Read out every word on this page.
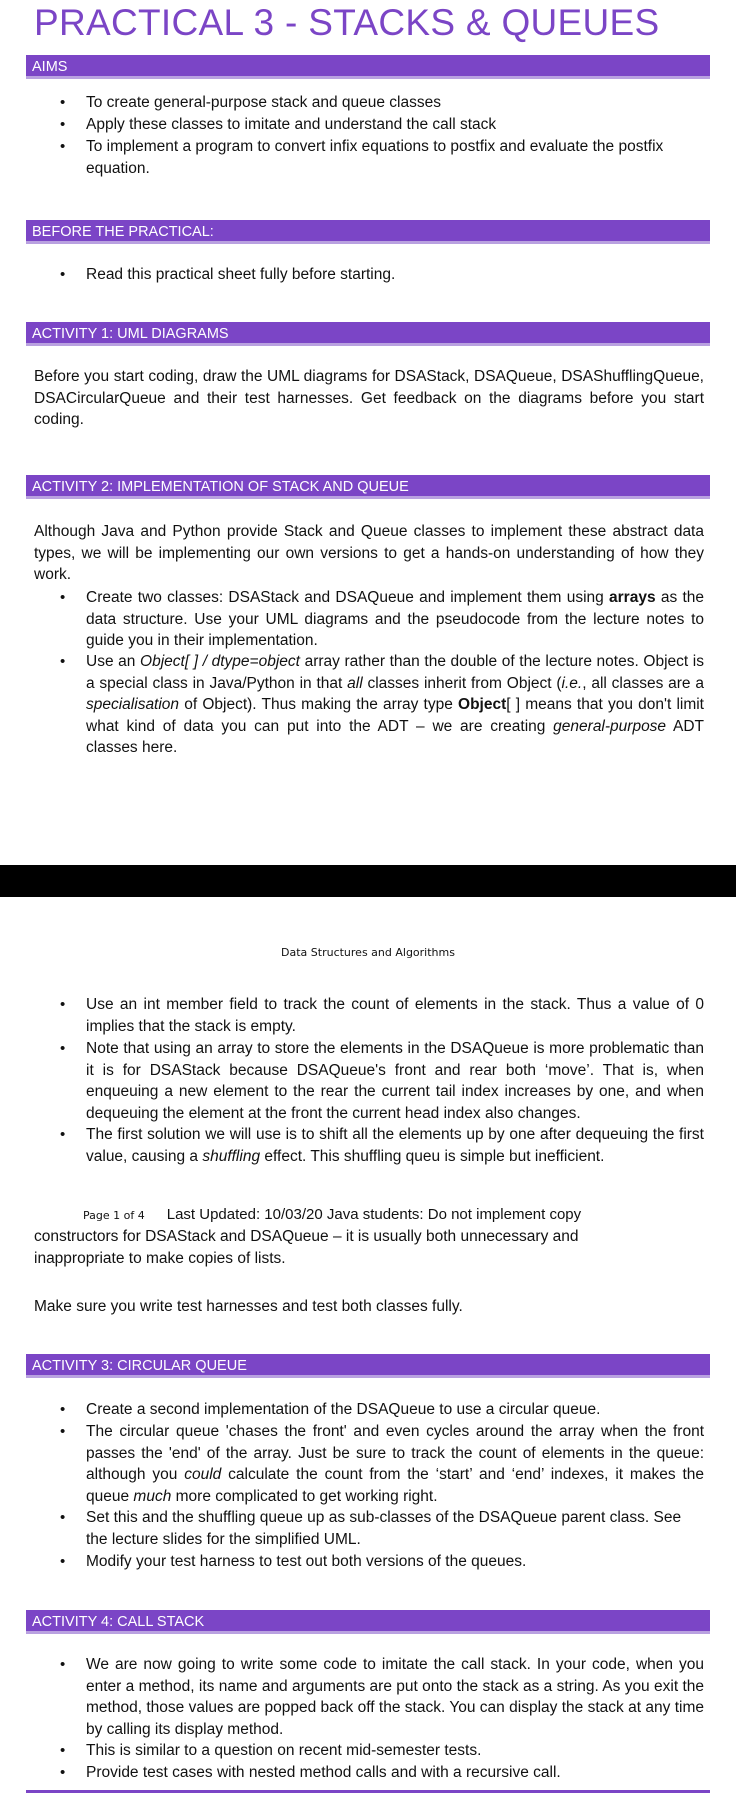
PRACTICAL 3 - STACKS & QUEUES
AIMS
• To create general-purpose stack and queue classes
• Apply these classes to imitate and understand the call stack
• To implement a program to convert infix equations to postfix and evaluate the postfix equation.
BEFORE THE PRACTICAL:
• Read this practical sheet fully before starting.
ACTIVITY 1: UML DIAGRAMS
Before you start coding, draw the UML diagrams for DSAStack, DSAQueue, DSAShufflingQueue, DSACircularQueue and their test harnesses. Get feedback on the diagrams before you start coding.
ACTIVITY 2: IMPLEMENTATION OF STACK AND QUEUE
Although Java and Python provide Stack and Queue classes to implement these abstract data types, we will be implementing our own versions to get a hands-on understanding of how they work.
• Create two classes: DSAStack and DSAQueue and implement them using arrays as the data structure. Use your UML diagrams and the pseudocode from the lecture notes to guide you in their implementation.
• Use an Object[ ] / dtype=object array rather than the double of the lecture notes. Object is a special class in Java/Python in that all classes inherit from Object (i.e., all classes are a specialisation of Object). Thus making the array type Object[ ] means that you don't limit what kind of data you can put into the ADT – we are creating general-purpose ADT classes here.
Data Structures and Algorithms
• Use an int member field to track the count of elements in the stack. Thus a value of 0 implies that the stack is empty.
• Note that using an array to store the elements in the DSAQueue is more problematic than it is for DSAStack because DSAQueue's front and rear both ‘move’. That is, when enqueuing a new element to the rear the current tail index increases by one, and when dequeuing the element at the front the current head index also changes.
• The first solution we will use is to shift all the elements up by one after dequeuing the first value, causing a shuffling effect. This shuffling queu is simple but inefficient.
Page 1 of 4 Last Updated: 10/03/20 Java students: Do not implement copy
constructors for DSAStack and DSAQueue – it is usually both unnecessary and inappropriate to make copies of lists.
Make sure you write test harnesses and test both classes fully.
ACTIVITY 3: CIRCULAR QUEUE
• Create a second implementation of the DSAQueue to use a circular queue.
• The circular queue 'chases the front' and even cycles around the array when the front passes the 'end' of the array. Just be sure to track the count of elements in the queue: although you could calculate the count from the ‘start’ and ‘end’ indexes, it makes the queue much more complicated to get working right.
• Set this and the shuffling queue up as sub-classes of the DSAQueue parent class. See the lecture slides for the simplified UML.
• Modify your test harness to test out both versions of the queues.
ACTIVITY 4: CALL STACK
• We are now going to write some code to imitate the call stack. In your code, when you enter a method, its name and arguments are put onto the stack as a string. As you exit the method, those values are popped back off the stack. You can display the stack at any time by calling its display method.
• This is similar to a question on recent mid-semester tests.
• Provide test cases with nested method calls and with a recursive call.
